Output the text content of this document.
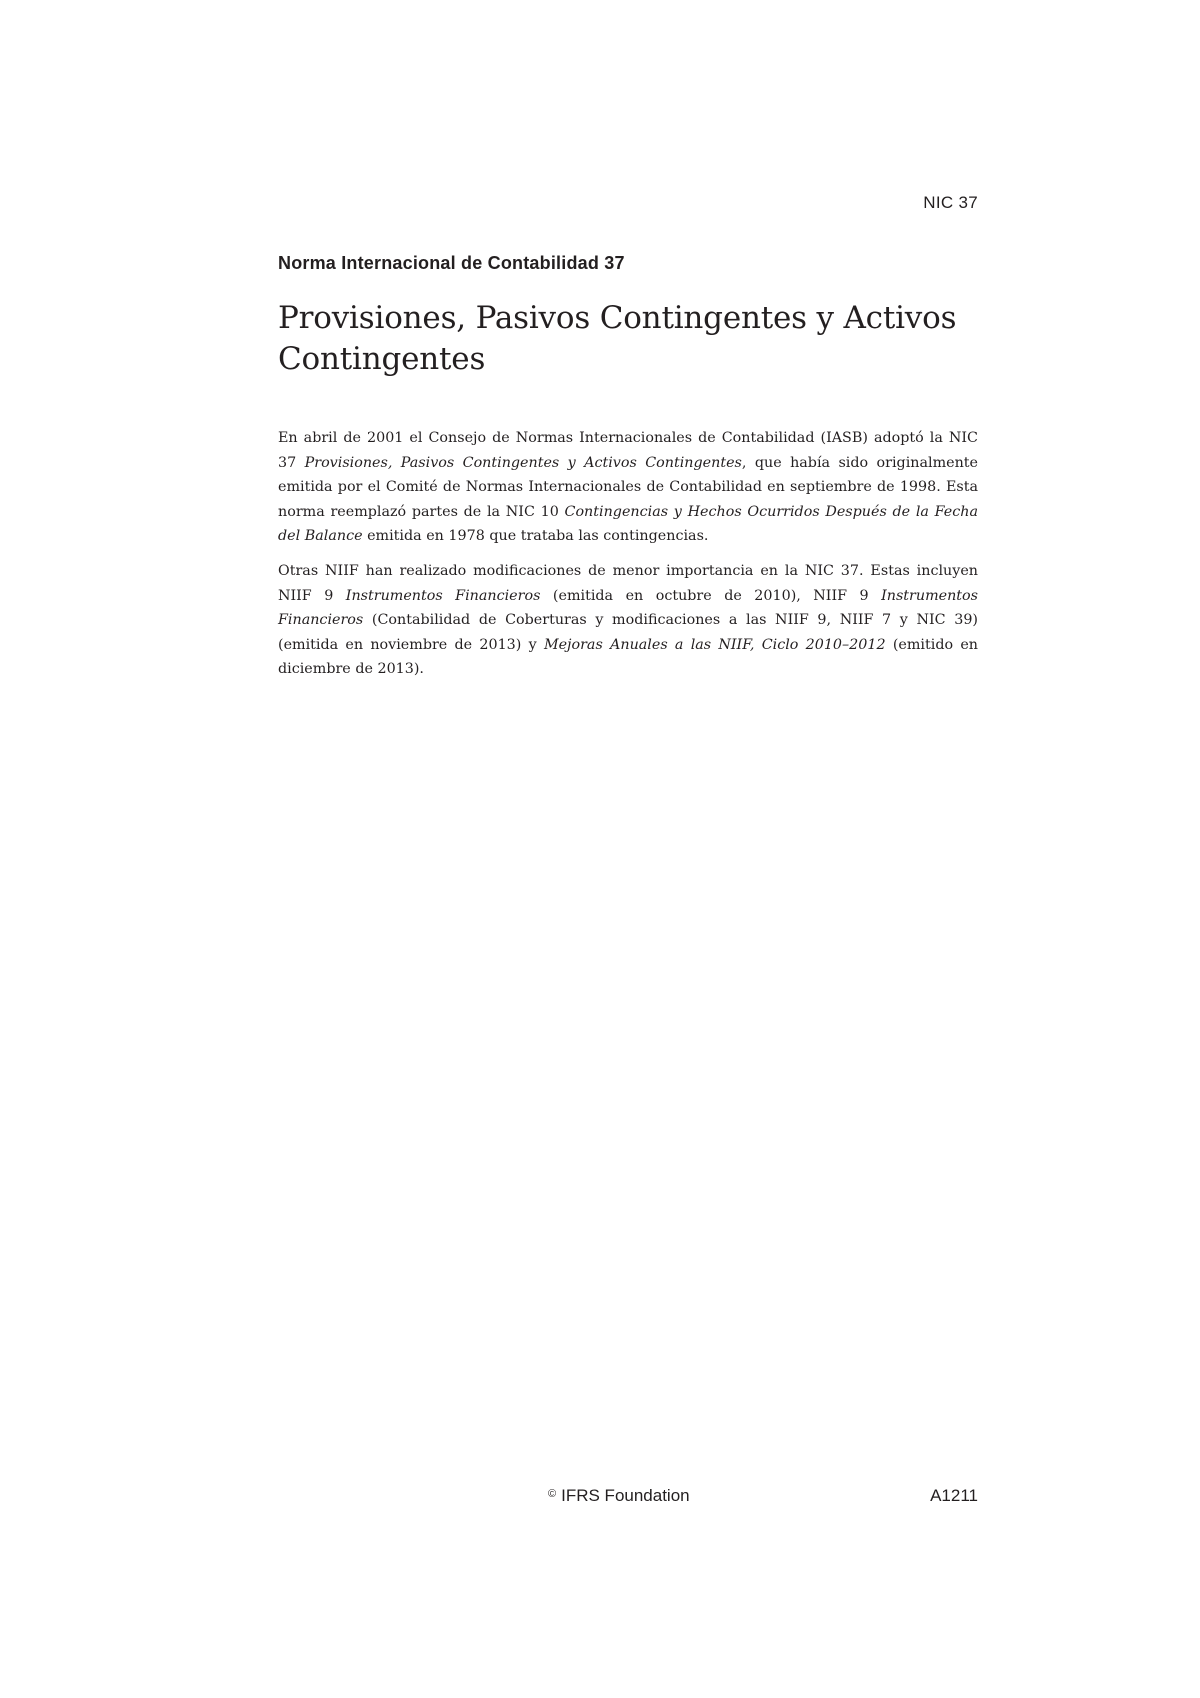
NIC 37
Norma Internacional de Contabilidad 37
Provisiones, Pasivos Contingentes y Activos Contingentes

En abril de 2001 el Consejo de Normas Internacionales de Contabilidad (IASB) adoptó la NIC 37 Provisiones, Pasivos Contingentes y Activos Contingentes, que había sido originalmente emitida por el Comité de Normas Internacionales de Contabilidad en septiembre de 1998. Esta norma reemplazó partes de la NIC 10 Contingencias y Hechos Ocurridos Después de la Fecha del Balance emitida en 1978 que trataba las contingencias.

Otras NIIF han realizado modificaciones de menor importancia en la NIC 37. Estas incluyen NIIF 9 Instrumentos Financieros (emitida en octubre de 2010), NIIF 9 Instrumentos Financieros (Contabilidad de Coberturas y modificaciones a las NIIF 9, NIIF 7 y NIC 39) (emitida en noviembre de 2013) y Mejoras Anuales a las NIIF, Ciclo 2010–2012 (emitido en diciembre de 2013).

© IFRS Foundation	A1211
